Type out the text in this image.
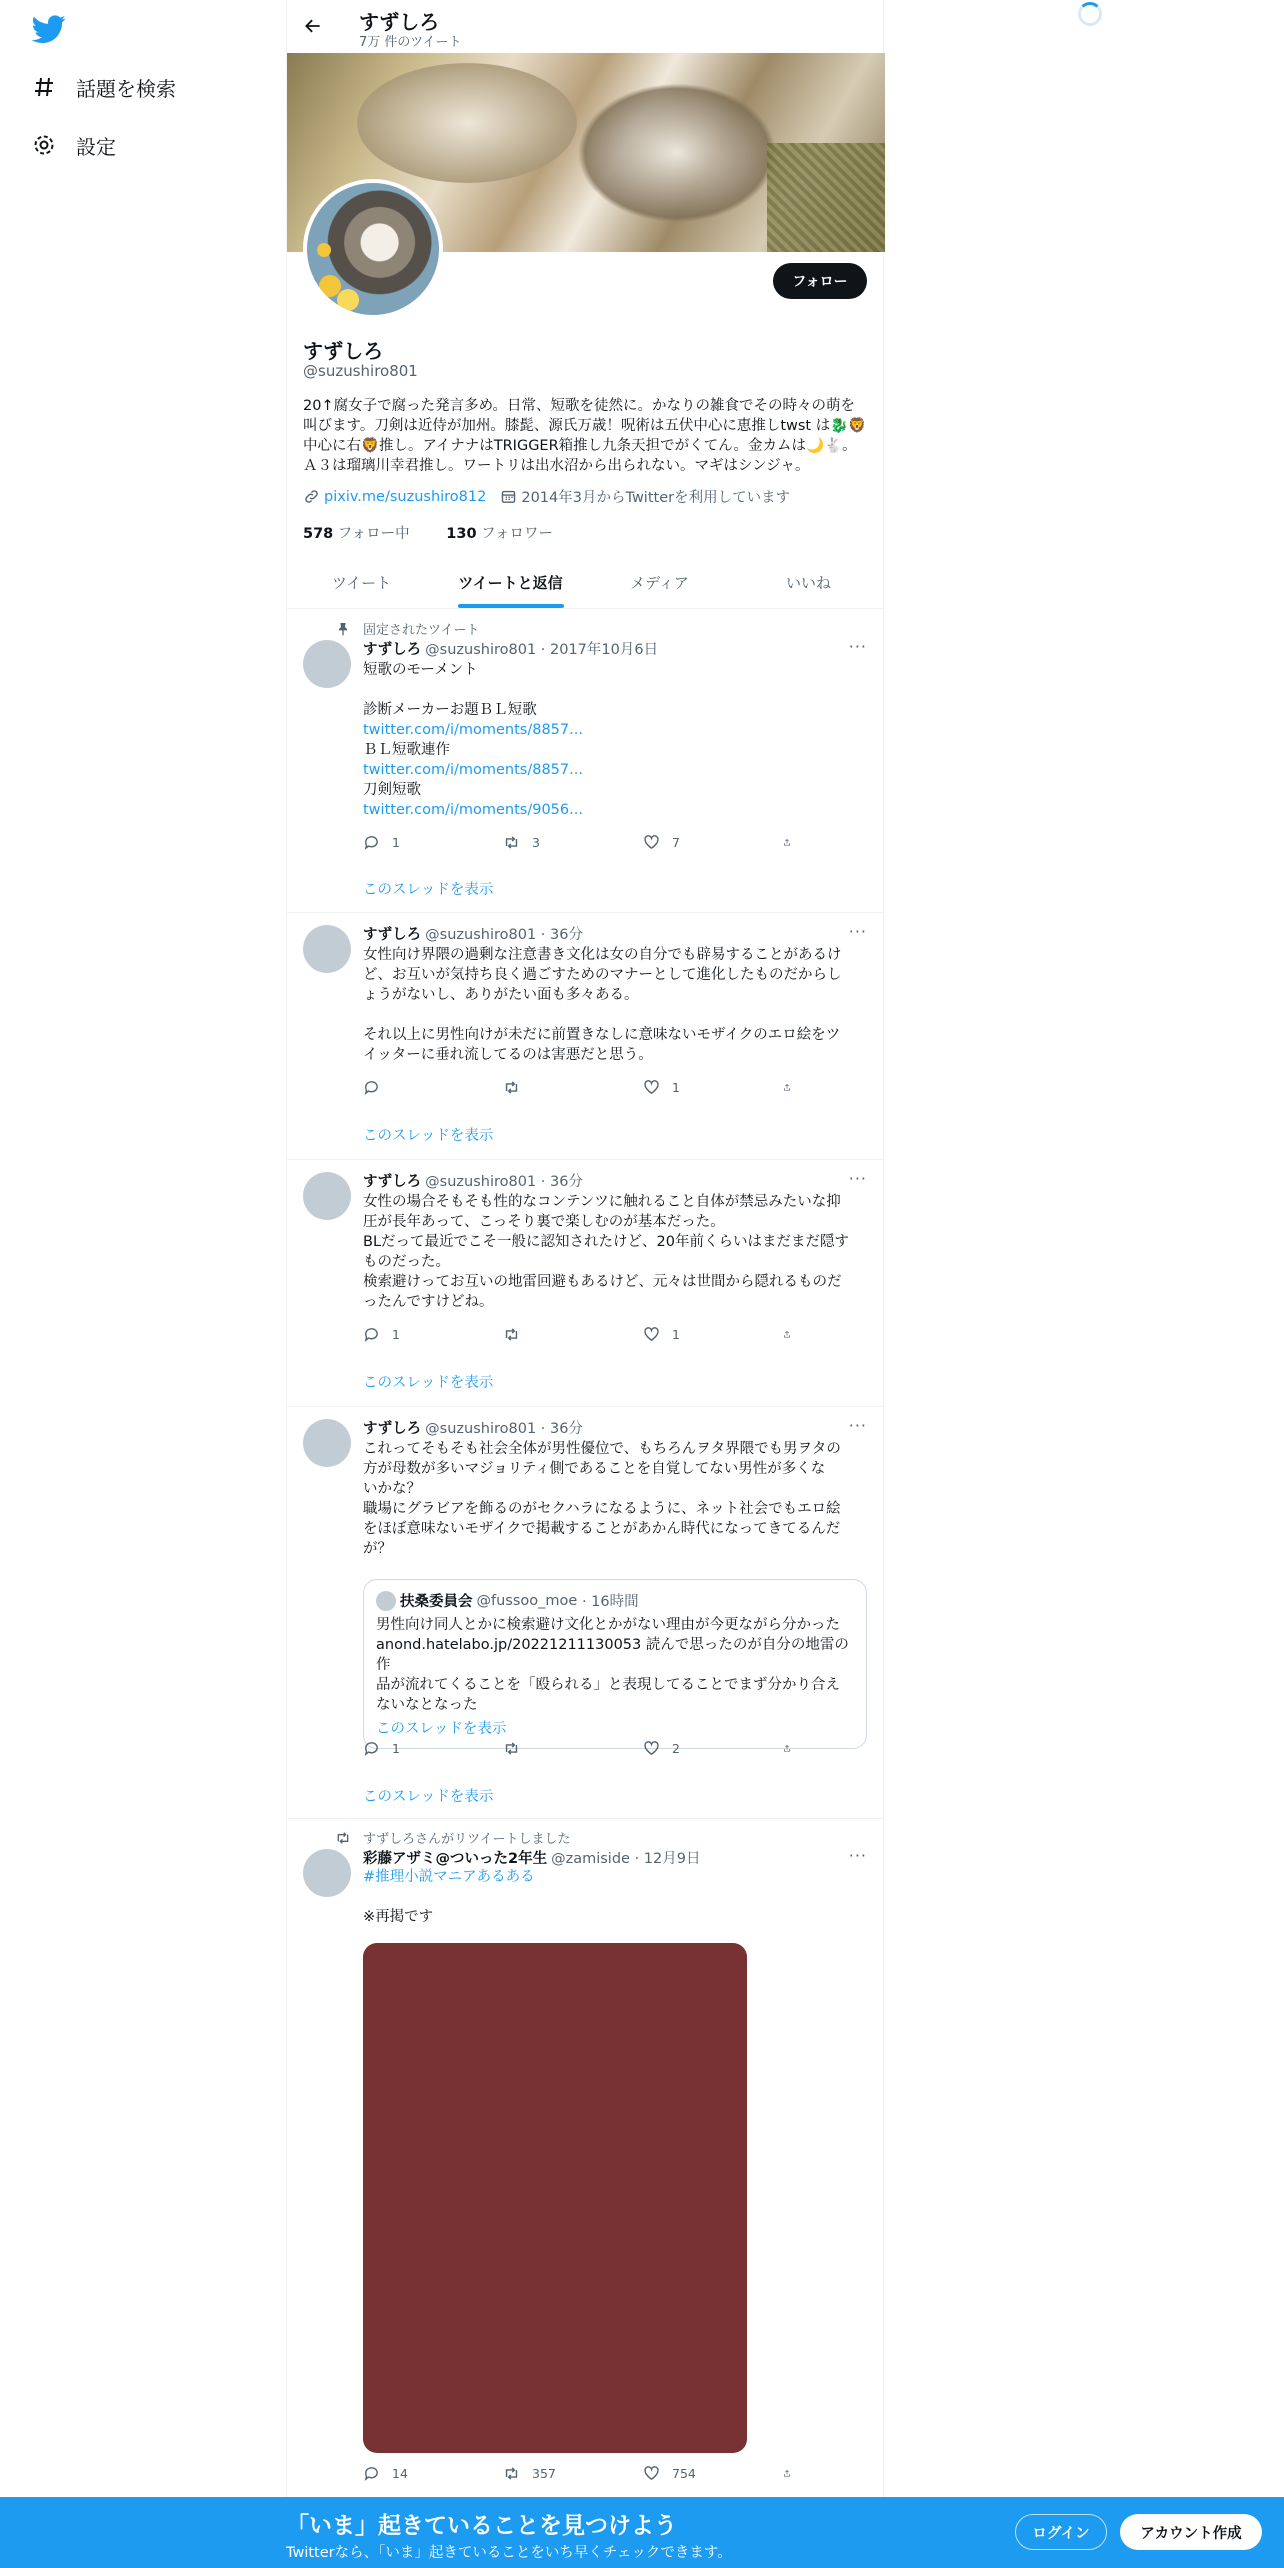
話題を検索
設定
すずしろ
7万 件のツイート
フォロー
すずしろ
@suzushiro801
20↑腐女子で腐った発言多め。日常、短歌を徒然に。かなりの雑食でその時々の萌を叫びます。刀剣は近侍が加州。膝髭、源氏万歳！呪術は五伏中心に恵推しtwst は🐉🦁中心に右🦁推し。アイナナはTRIGGER箱推し九条天担でがくてん。金カムは🌙🐇。Ａ３は瑠璃川幸君推し。ワートリは出水沼から出られない。マギはシンジャ。
pixiv.me/suzushiro812 2014年3月からTwitterを利用しています
578 フォロー中	130 フォロワー
ツイート	ツイートと返信	メディア	いいね
固定されたツイート
すずしろ @suzushiro801 · 2017年10月6日	···
短歌のモーメント
診断メーカーお題ＢＬ短歌
twitter.com/i/moments/8857...
ＢＬ短歌連作
twitter.com/i/moments/8857...
刀剣短歌
twitter.com/i/moments/9056...
1	3	7
このスレッドを表示
すずしろ @suzushiro801 · 36分	···
女性向け界隈の過剰な注意書き文化は女の自分でも辟易することがあるけ
ど、お互いが気持ち良く過ごすためのマナーとして進化したものだからし
ょうがないし、ありがたい面も多々ある。
それ以上に男性向けが未だに前置きなしに意味ないモザイクのエロ絵をツ
イッターに垂れ流してるのは害悪だと思う。
1
このスレッドを表示
すずしろ @suzushiro801 · 36分	···
女性の場合そもそも性的なコンテンツに触れること自体が禁忌みたいな抑
圧が長年あって、こっそり裏で楽しむのが基本だった。
BLだって最近でこそ一般に認知されたけど、20年前くらいはまだまだ隠す
ものだった。
検索避けってお互いの地雷回避もあるけど、元々は世間から隠れるものだ
ったんですけどね。
1	1
このスレッドを表示
すずしろ @suzushiro801 · 36分	···
これってそもそも社会全体が男性優位で、もちろんヲタ界隈でも男ヲタの
方が母数が多いマジョリティ側であることを自覚してない男性が多くな
いかな？
職場にグラビアを飾るのがセクハラになるように、ネット社会でもエロ絵
をほぼ意味ないモザイクで掲載することがあかん時代になってきてるんだ
が？
扶桑委員会 @fussoo_moe
· 16時間
男性向け同人とかに検索避け文化とかがない理由が今更ながら分かった
anond.hatelabo.jp/20221211130053 読んで思ったのが自分の地雷の作
品が流れてくることを「殴られる」と表現してることでまず分かり合え
ないなとなった
このスレッドを表示
1	2
このスレッドを表示
すずしろさんがリツイートしました
彩藤アザミ@ついった2年生 @zamiside · 12月9日	···
#推理小説マニアあるある
※再掲です
14	357	754
「いま」起きていることを見つけよう
Twitterなら、「いま」起きていることをいち早くチェックできます。
ログイン	アカウント作成
